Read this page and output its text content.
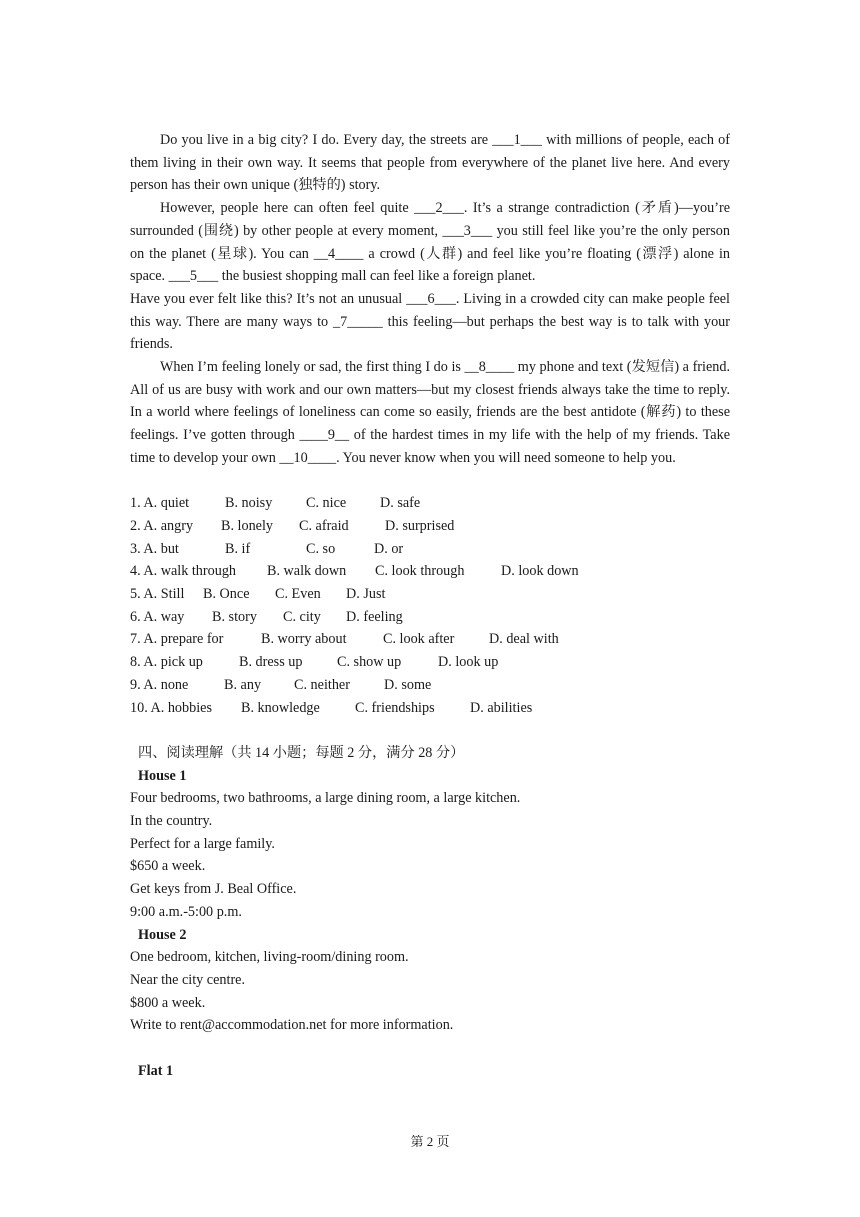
Do you live in a big city? I do. Every day, the streets are ___1___ with millions of people, each of them living in their own way. It seems that people from everywhere of the planet live here. And every person has their own unique (独特的) story.

However, people here can often feel quite ___2___. It’s a strange contradiction (矛盾)—you’re surrounded (围绕) by other people at every moment, ___3___ you still feel like you’re the only person on the planet (星球). You can __4____ a crowd (人群) and feel like you’re floating (漂浮) alone in space. ___5___ the busiest shopping mall can feel like a foreign planet.

Have you ever felt like this? It’s not an unusual ___6___. Living in a crowded city can make people feel this way. There are many ways to _7_____ this feeling—but perhaps the best way is to talk with your friends.

When I’m feeling lonely or sad, the first thing I do is __8____ my phone and text (发短信) a friend. All of us are busy with work and our own matters—but my closest friends always take the time to reply. In a world where feelings of loneliness can come so easily, friends are the best antidote (解药) to these feelings. I’ve gotten through ____9__ of the hardest times in my life with the help of my friends. Take time to develop your own __10____. You never know when you will need someone to help you.

1. A. quiet	B. noisy	C. nice	D. safe
2. A. angry	B. lonely	C. afraid	D. surprised
3. A. but	B. if	C. so	D. or
4. A. walk through	B. walk down	C. look through	D. look down
5. A. Still	B. Once	C. Even	D. Just
6. A. way	B. story	C. city	D. feeling
7. A. prepare for	B. worry about	C. look after	D. deal with
8. A. pick up	B. dress up	C. show up	D. look up
9. A. none	B. any	C. neither	D. some
10. A. hobbies	B. knowledge	C. friendships	D. abilities

四、阅读理解（共 14 小题；每题 2 分，满分 28 分）

House 1

Four bedrooms, two bathrooms, a large dining room, a large kitchen.

In the country.

Perfect for a large family.

$650 a week.

Get keys from J. Beal Office.

9:00 a.m.-5:00 p.m.

House 2

One bedroom, kitchen, living-room/dining room.

Near the city centre.

$800 a week.

Write to rent@accommodation.net for more information.

Flat 1

第 2 页
